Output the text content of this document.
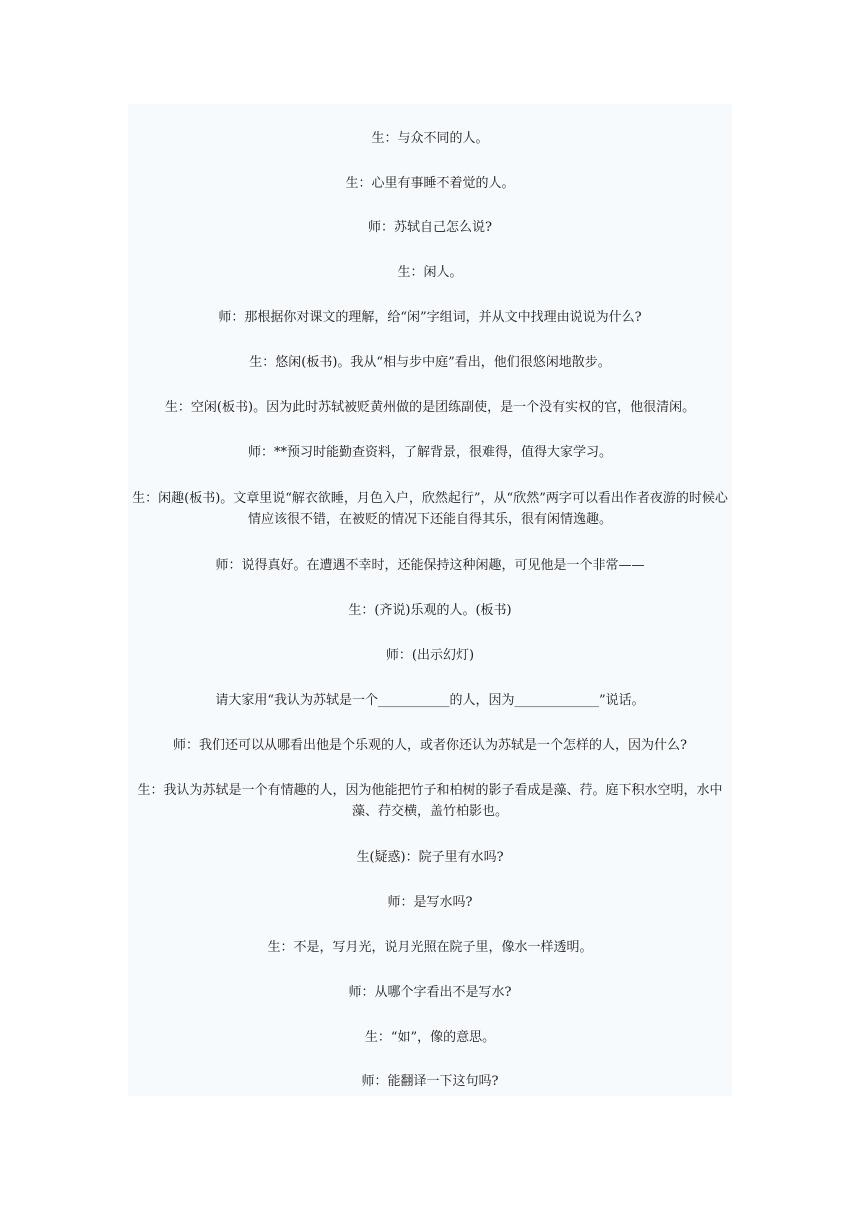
生：与众不同的人。
生：心里有事睡不着觉的人。
师：苏轼自己怎么说?
生：闲人。
师：那根据你对课文的理解，给“闲”字组词，并从文中找理由说说为什么?
生：悠闲(板书)。我从“相与步中庭”看出，他们很悠闲地散步。
生：空闲(板书)。因为此时苏轼被贬黄州做的是团练副使，是一个没有实权的官，他很清闲。
师：**预习时能勤查资料，了解背景，很难得，值得大家学习。
生：闲趣(板书)。文章里说“解衣欲睡，月色入户，欣然起行”，从“欣然”两字可以看出作者夜游的时候心情应该很不错，在被贬的情况下还能自得其乐，很有闲情逸趣。
师：说得真好。在遭遇不幸时，还能保持这种闲趣，可见他是一个非常——
生：(齐说)乐观的人。(板书)
师：(出示幻灯)
请大家用“我认为苏轼是一个___________的人，因为_____________”说话。
师：我们还可以从哪看出他是个乐观的人，或者你还认为苏轼是一个怎样的人，因为什么?
生：我认为苏轼是一个有情趣的人，因为他能把竹子和柏树的影子看成是藻、荇。庭下积水空明，水中藻、荇交横，盖竹柏影也。
生(疑惑)：院子里有水吗?
师：是写水吗?
生：不是，写月光，说月光照在院子里，像水一样透明。
师：从哪个字看出不是写水?
生：“如”，像的意思。
师：能翻译一下这句吗?
